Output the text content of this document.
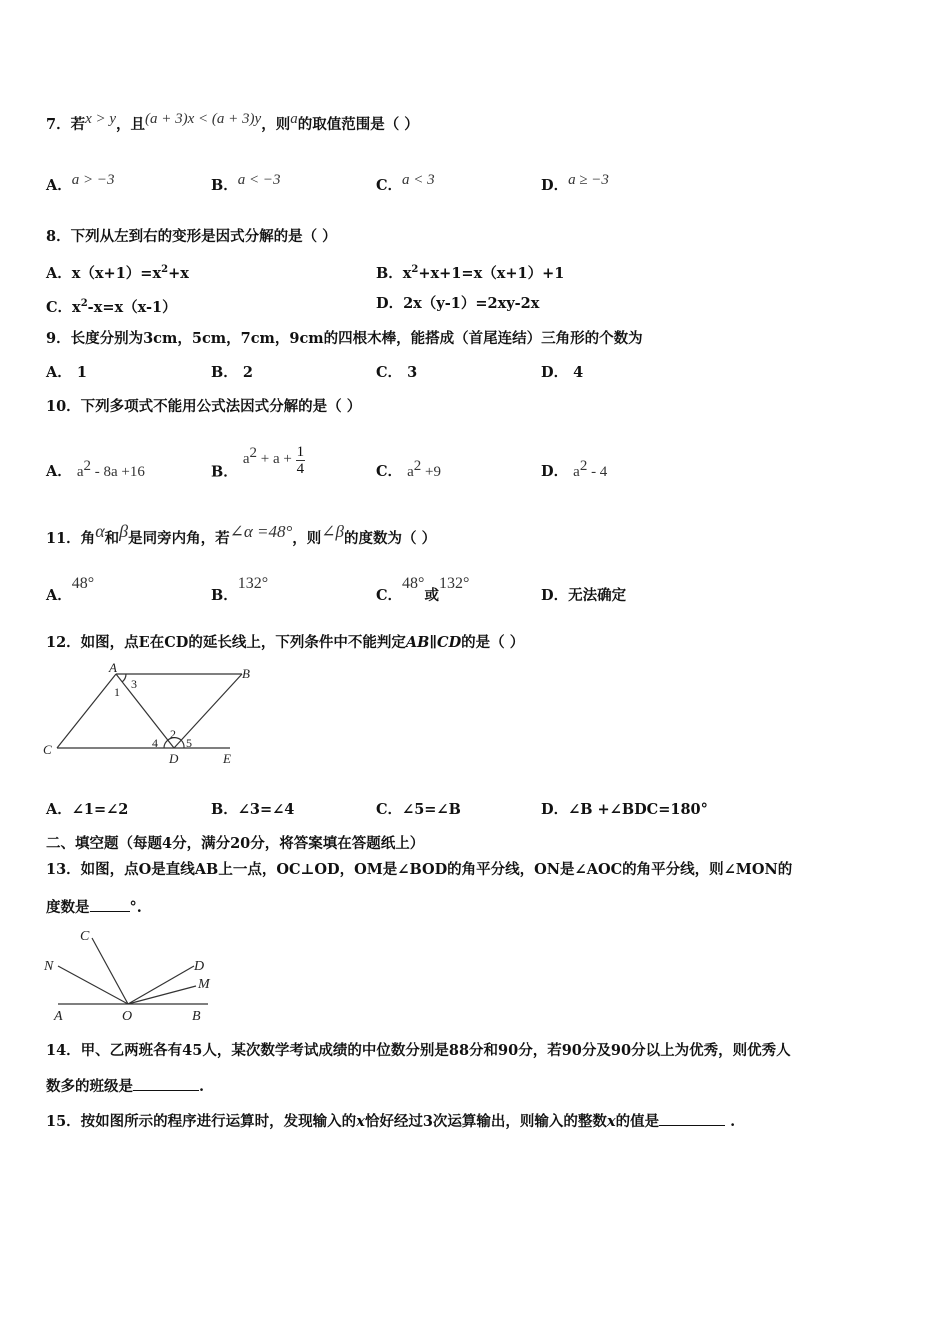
7．若x > y，且(a + 3)x < (a + 3)y，则a的取值范围是（ ）
A．a > −3	B．a < −3	C．a < 3	D．a ≥ −3
8．下列从左到右的变形是因式分解的是（ ）
A．$x(x+1)=x^2+x$	B．$x^2+x+1=x(x+1)+1$
C．$x^2-x=x(x-1)$	D．2x（y-1）=2xy-2x
9．长度分别为3cm，5cm，7cm，9cm的四根木棒，能搭成（首尾连结）三角形的个数为
A． 1	B． 2	C． 3	D． 4
10．下列多项式不能用公式法因式分解的是（ ）
A． $a^2 - 8a +16$	B． $a^2 + a + \frac{1}{4}$	C． $a^2 +9$	D． $a^2 - 4$
11．角α和β是同旁内角，若∠α =48°，则∠β的度数为（ ）
A．48°
B．132°
C．48°或132°
D．无法确定
12．如图，点E在CD的延长线上，下列条件中不能判定AB∥CD的是（ ）
A	B
C
D	E
1
3
2
4 5
A．∠1=∠2	B．∠3=∠4	C．∠5=∠B	D．∠B +∠BDC=180°
二、填空题（每题4分，满分20分，将答案填在答题纸上）
13．如图，点O是直线AB上一点，OC⊥OD，OM是∠BOD的角平分线，ON是∠AOC的角平分线，则∠MON的
度数是	°.
C
N	D
M
A	O	B
14．甲、乙两班各有45人，某次数学考试成绩的中位数分别是88分和90分，若90分及90分以上为优秀，则优秀人
数多的班级是	.
15．按如图所示的程序进行运算时，发现输入的x恰好经过3次运算输出，则输入的整数x的值是	.
